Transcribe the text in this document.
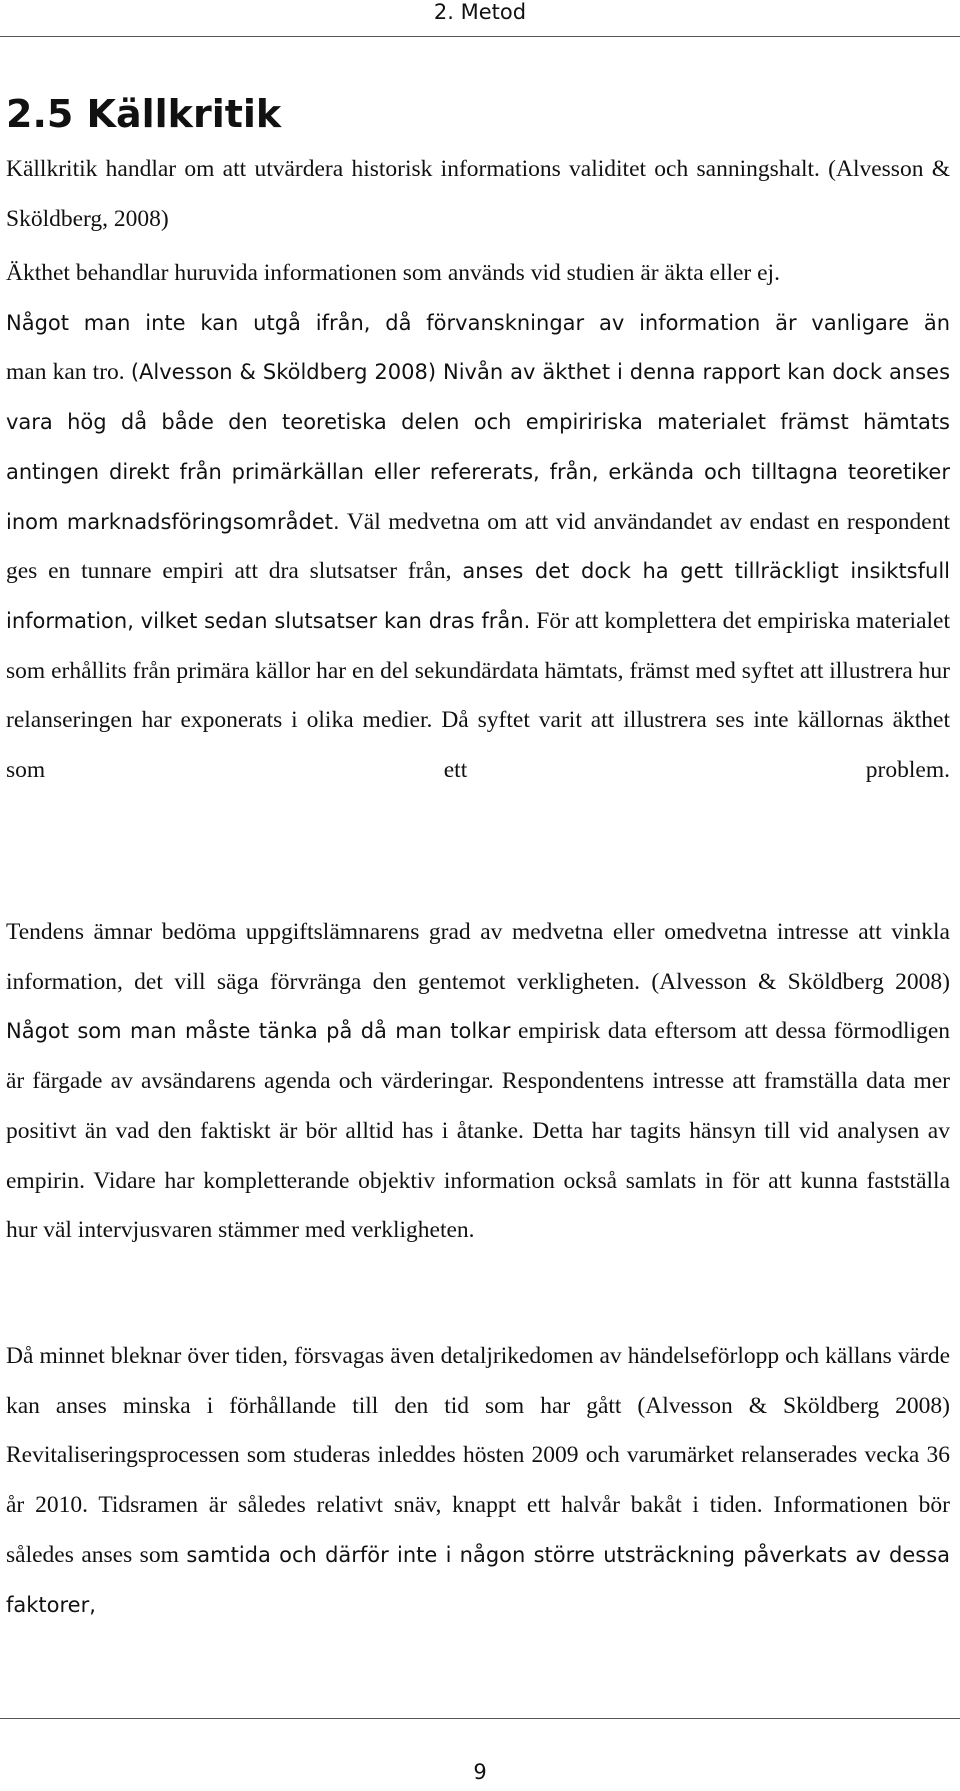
2. Metod
2.5 Källkritik

Källkritik handlar om att utvärdera historisk informations validitet och sanningshalt. (Alvesson & Sköldberg, 2008)

Äkthet behandlar huruvida informationen som används vid studien är äkta eller ej.

Något man inte kan utgå ifrån, då förvanskningar av information är vanligare än

man kan tro. (Alvesson & Sköldberg 2008) Nivån av äkthet i denna rapport kan dock anses vara hög då både den teoretiska delen och empiririska materialet främst hämtats antingen direkt från primärkällan eller refererats, från, erkända och tilltagna teoretiker inom marknadsföringsområdet. Väl medvetna om att vid användandet av endast en respondent ges en tunnare empiri att dra slutsatser från, anses det dock ha gett tillräckligt insiktsfull information, vilket sedan slutsatser kan dras från. För att komplettera det empiriska materialet som erhållits från primära källor har en del sekundärdata hämtats, främst med syftet att illustrera hur relanseringen har exponerats i olika medier. Då syftet varit att illustrera ses inte källornas äkthet som ett problem.

Tendens ämnar bedöma uppgiftslämnarens grad av medvetna eller omedvetna intresse att vinkla information, det vill säga förvränga den gentemot verkligheten. (Alvesson & Sköldberg 2008) Något som man måste tänka på då man tolkar empirisk data eftersom att dessa förmodligen är färgade av avsändarens agenda och värderingar. Respondentens intresse att framställa data mer positivt än vad den faktiskt är bör alltid has i åtanke. Detta har tagits hänsyn till vid analysen av empirin. Vidare har kompletterande objektiv information också samlats in för att kunna fastställa hur väl intervjusvaren stämmer med verkligheten.

Då minnet bleknar över tiden, försvagas även detaljrikedomen av händelseförlopp och källans värde kan anses minska i förhållande till den tid som har gått (Alvesson & Sköldberg 2008) Revitaliseringsprocessen som studeras inleddes hösten 2009 och varumärket relanserades vecka 36 år 2010. Tidsramen är således relativt snäv, knappt ett halvår bakåt i tiden. Informationen bör således anses som samtida och därför inte i någon större utsträckning påverkats av dessa faktorer,

9
